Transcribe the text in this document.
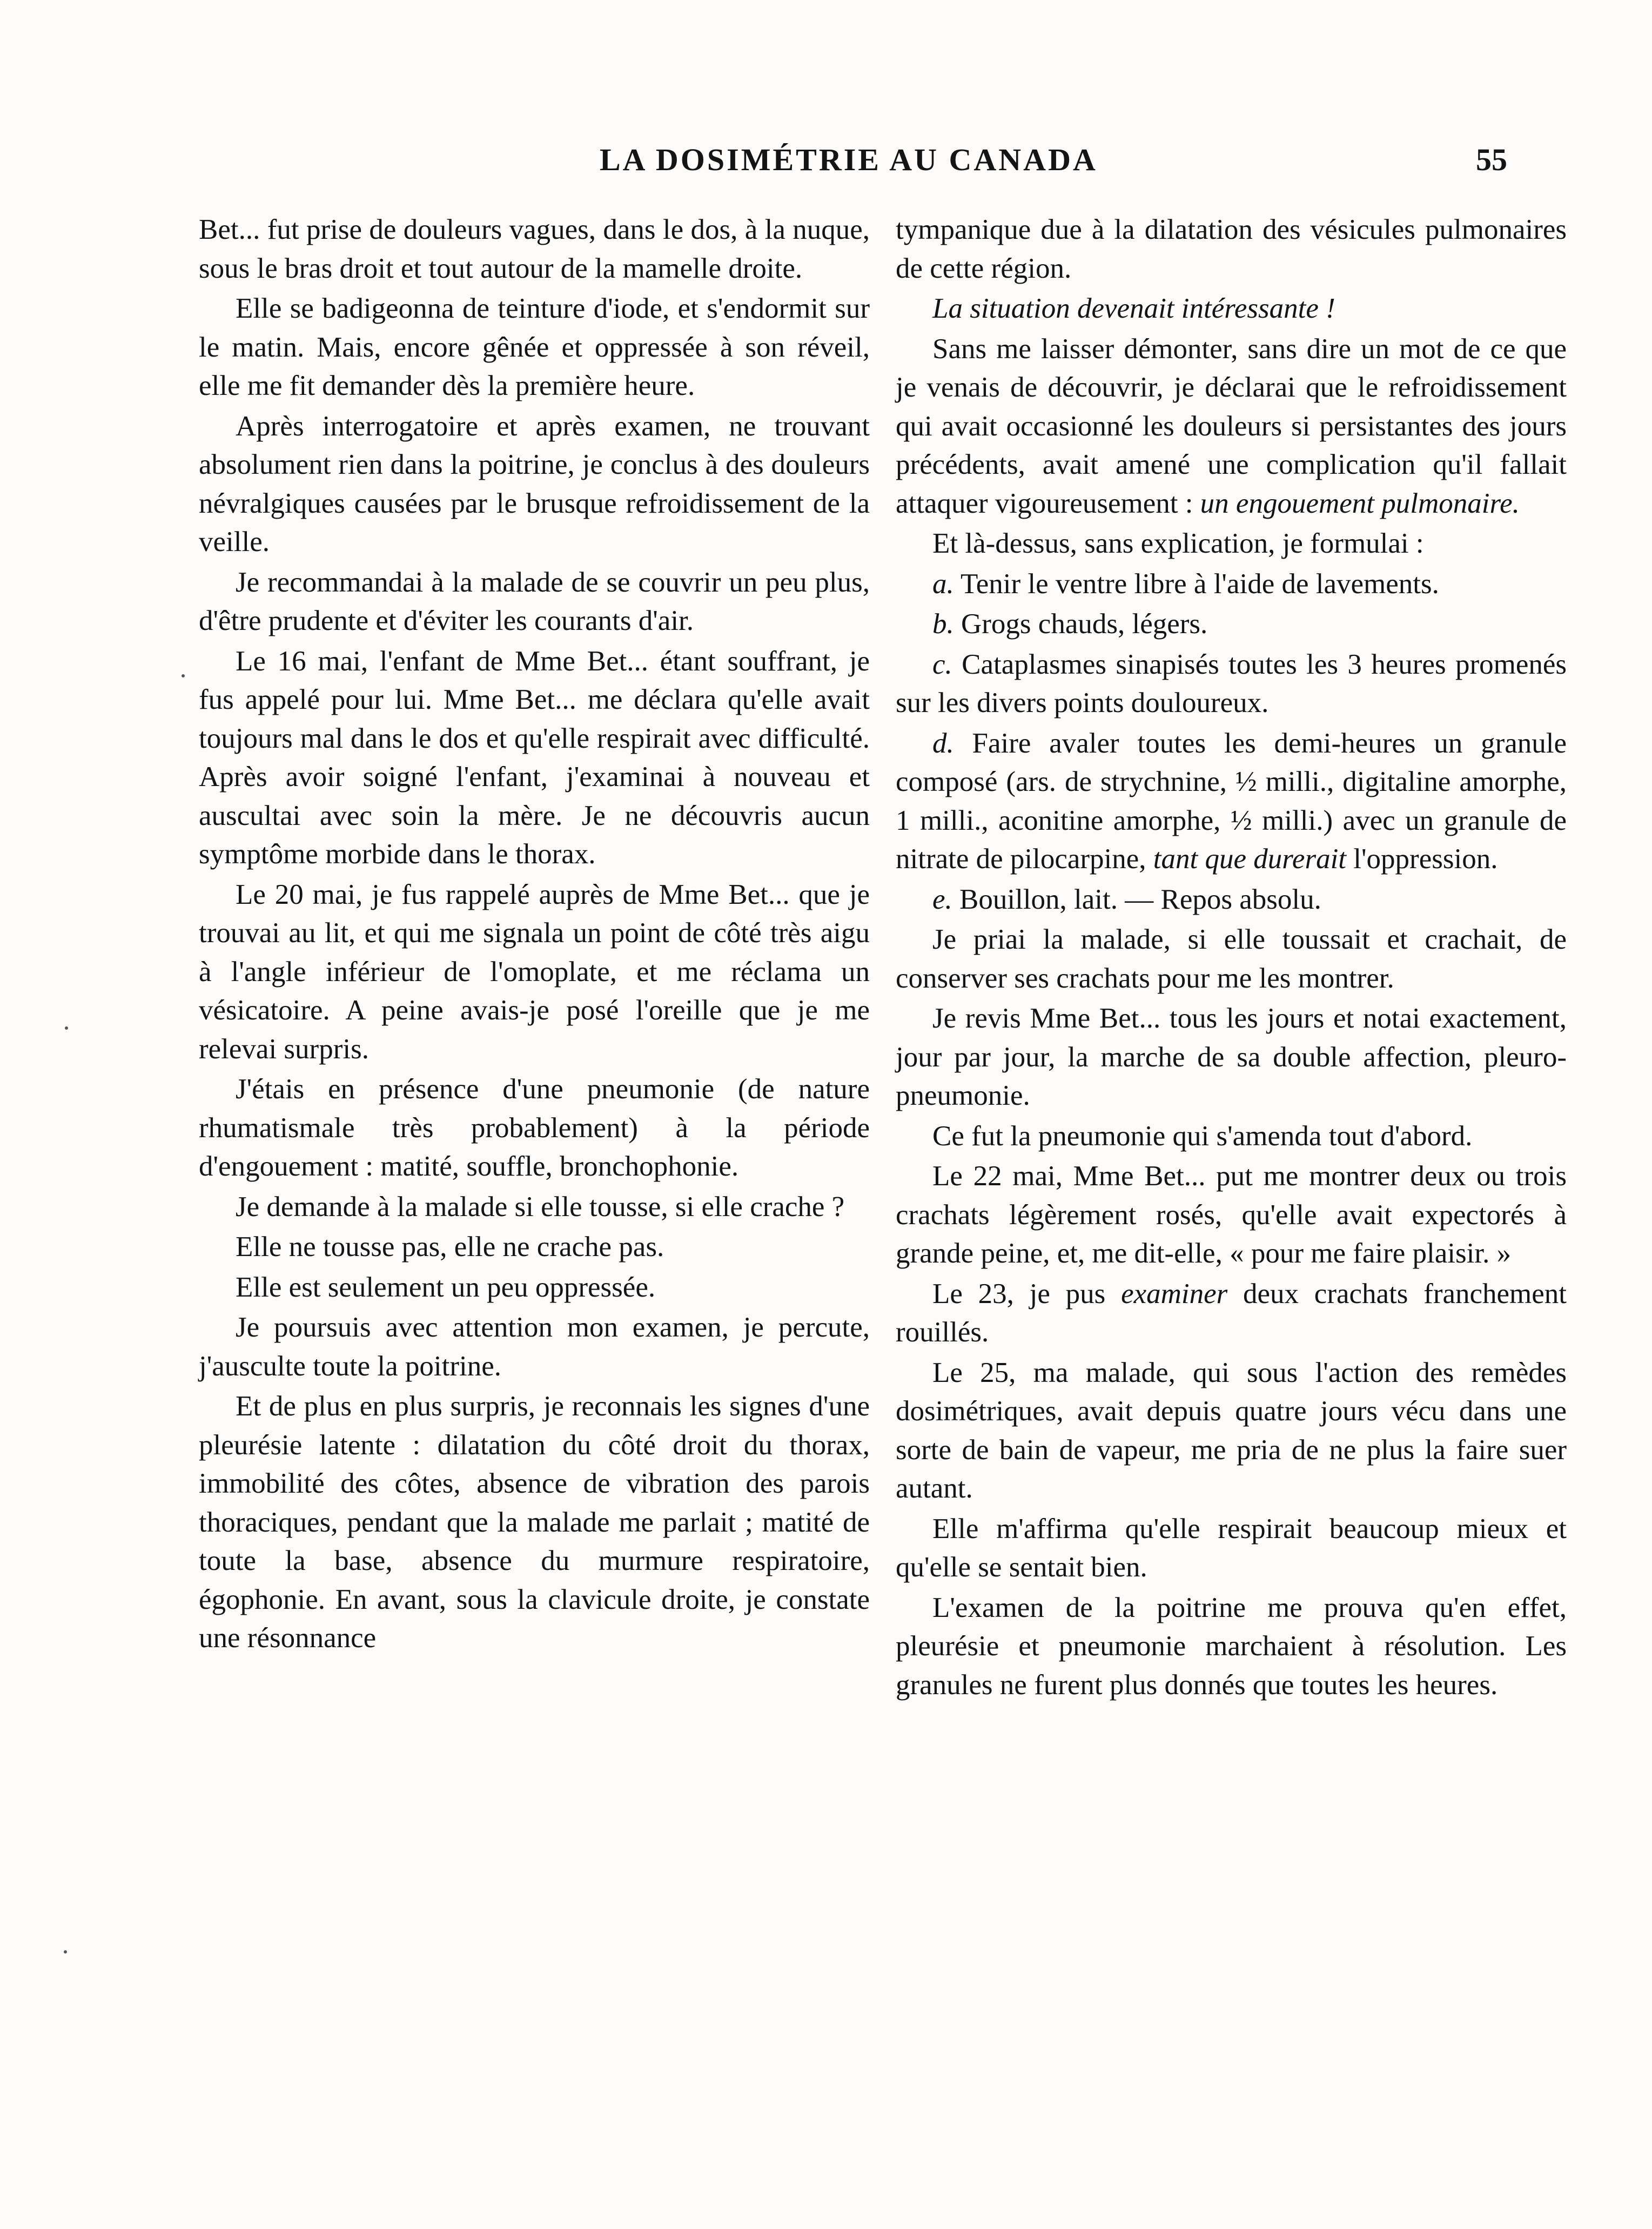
LA DOSIMÉTRIE AU CANADA	55

Bet... fut prise de douleurs vagues, dans le dos, à la nuque, sous le bras droit et tout autour de la mamelle droite.

Elle se badigeonna de teinture d'iode, et s'endormit sur le matin. Mais, encore gênée et oppressée à son réveil, elle me fit demander dès la première heure.

Après interrogatoire et après examen, ne trouvant absolument rien dans la poitrine, je conclus à des douleurs névralgiques causées par le brusque refroidissement de la veille.

Je recommandai à la malade de se couvrir un peu plus, d'être prudente et d'éviter les courants d'air.

Le 16 mai, l'enfant de Mme Bet... étant souffrant, je fus appelé pour lui. Mme Bet... me déclara qu'elle avait toujours mal dans le dos et qu'elle respirait avec difficulté. Après avoir soigné l'enfant, j'examinai à nouveau et auscultai avec soin la mère. Je ne découvris aucun symptôme morbide dans le thorax.

Le 20 mai, je fus rappelé auprès de Mme Bet... que je trouvai au lit, et qui me signala un point de côté très aigu à l'angle inférieur de l'omoplate, et me réclama un vésicatoire. A peine avais-je posé l'oreille que je me relevai surpris.

J'étais en présence d'une pneumonie (de nature rhumatismale très probablement) à la période d'engouement : matité, souffle, bronchophonie.

Je demande à la malade si elle tousse, si elle crache ?

Elle ne tousse pas, elle ne crache pas.

Elle est seulement un peu oppressée.

Je poursuis avec attention mon examen, je percute, j'ausculte toute la poitrine.

Et de plus en plus surpris, je reconnais les signes d'une pleurésie latente : dilatation du côté droit du thorax, immobilité des côtes, absence de vibration des parois thoraciques, pendant que la malade me parlait ; matité de toute la base, absence du murmure respiratoire, égophonie. En avant, sous la clavicule droite, je constate une résonnance

tympanique due à la dilatation des vésicules pulmonaires de cette région.

La situation devenait intéressante !

Sans me laisser démonter, sans dire un mot de ce que je venais de découvrir, je déclarai que le refroidissement qui avait occasionné les douleurs si persistantes des jours précédents, avait amené une complication qu'il fallait attaquer vigoureusement : un engouement pulmonaire.

Et là-dessus, sans explication, je formulai :

a. Tenir le ventre libre à l'aide de lavements.

b. Grogs chauds, légers.

c. Cataplasmes sinapisés toutes les 3 heures promenés sur les divers points douloureux.

d. Faire avaler toutes les demi-heures un granule composé (ars. de strychnine, ½ milli., digitaline amorphe, 1 milli., aconitine amorphe, ½ milli.) avec un granule de nitrate de pilocarpine, tant que durerait l'oppression.

e. Bouillon, lait. — Repos absolu.

Je priai la malade, si elle toussait et crachait, de conserver ses crachats pour me les montrer.

Je revis Mme Bet... tous les jours et notai exactement, jour par jour, la marche de sa double affection, pleuro-pneumonie.

Ce fut la pneumonie qui s'amenda tout d'abord.

Le 22 mai, Mme Bet... put me montrer deux ou trois crachats légèrement rosés, qu'elle avait expectorés à grande peine, et, me dit-elle, « pour me faire plaisir. »

Le 23, je pus examiner deux crachats franchement rouillés.

Le 25, ma malade, qui sous l'action des remèdes dosimétriques, avait depuis quatre jours vécu dans une sorte de bain de vapeur, me pria de ne plus la faire suer autant.

Elle m'affirma qu'elle respirait beaucoup mieux et qu'elle se sentait bien.

L'examen de la poitrine me prouva qu'en effet, pleurésie et pneumonie marchaient à résolution. Les granules ne furent plus donnés que toutes les heures.
